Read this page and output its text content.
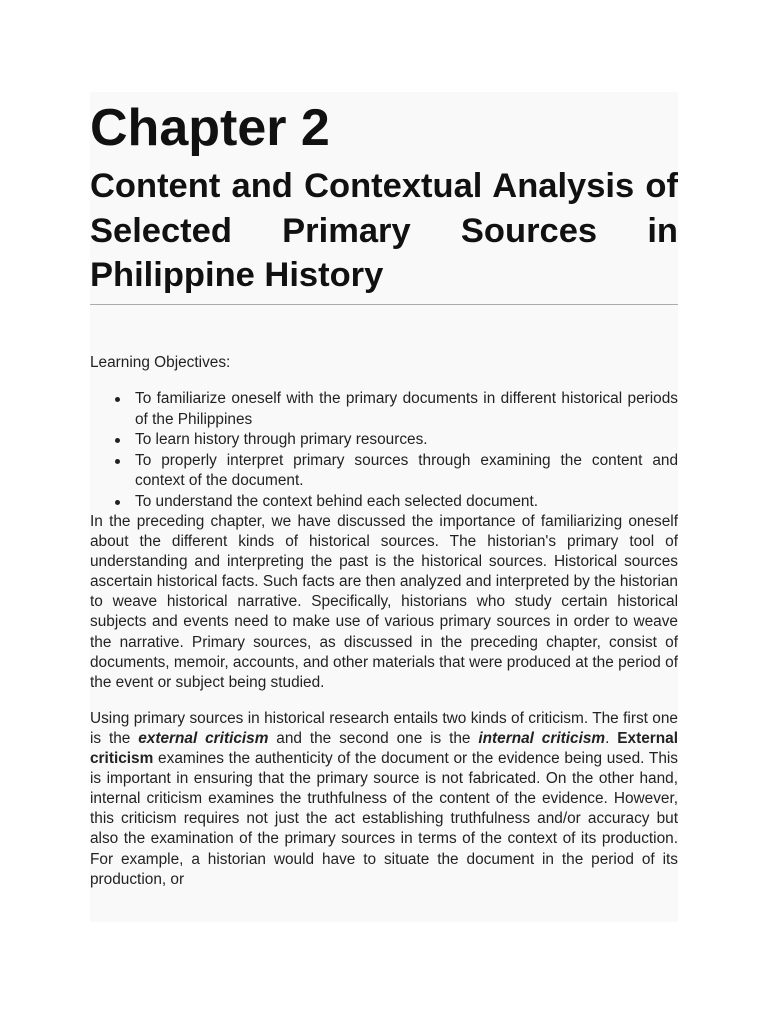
Chapter 2
Content and Contextual Analysis of Selected Primary Sources in Philippine History

Learning Objectives:

To familiarize oneself with the primary documents in different historical periods of the Philippines
To learn history through primary resources.
To properly interpret primary sources through examining the content and context of the document.
To understand the context behind each selected document.

In the preceding chapter, we have discussed the importance of familiarizing oneself about the different kinds of historical sources. The historian's primary tool of understanding and interpreting the past is the historical sources. Historical sources ascertain historical facts. Such facts are then analyzed and interpreted by the historian to weave historical narrative. Specifically, historians who study certain historical subjects and events need to make use of various primary sources in order to weave the narrative. Primary sources, as discussed in the preceding chapter, consist of documents, memoir, accounts, and other materials that were produced at the period of the event or subject being studied.

Using primary sources in historical research entails two kinds of criticism. The first one is the external criticism and the second one is the internal criticism. External criticism examines the authenticity of the document or the evidence being used. This is important in ensuring that the primary source is not fabricated. On the other hand, internal criticism examines the truthfulness of the content of the evidence. However, this criticism requires not just the act establishing truthfulness and/or accuracy but also the examination of the primary sources in terms of the context of its production. For example, a historian would have to situate the document in the period of its production, or
